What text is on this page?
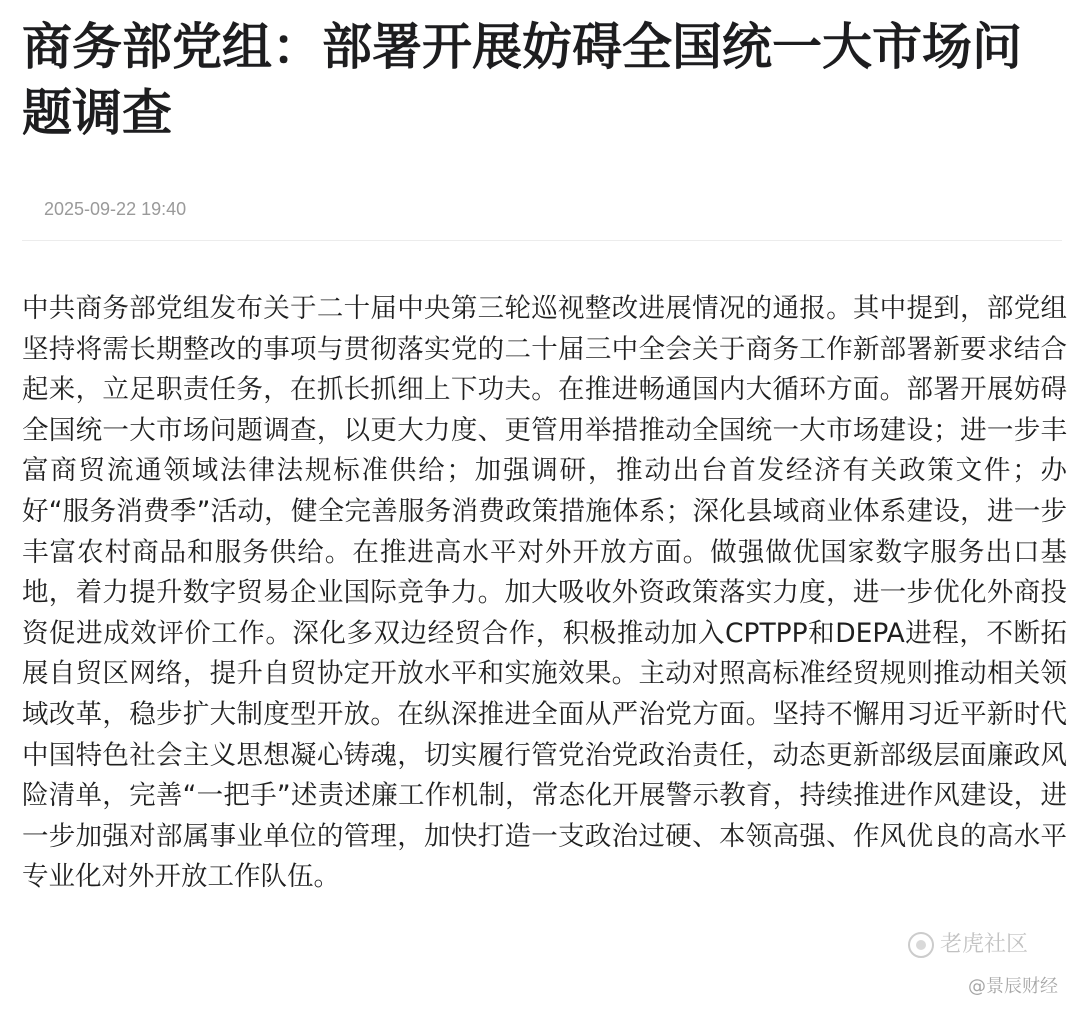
商务部党组：部署开展妨碍全国统一大市场问题调查
2025-09-22 19:40

中共商务部党组发布关于二十届中央第三轮巡视整改进展情况的通报。其中提到，部党组坚持将需长期整改的事项与贯彻落实党的二十届三中全会关于商务工作新部署新要求结合起来，立足职责任务，在抓长抓细上下功夫。在推进畅通国内大循环方面。部署开展妨碍全国统一大市场问题调查，以更大力度、更管用举措推动全国统一大市场建设；进一步丰富商贸流通领域法律法规标准供给；加强调研，推动出台首发经济有关政策文件；办好“服务消费季”活动，健全完善服务消费政策措施体系；深化县域商业体系建设，进一步丰富农村商品和服务供给。在推进高水平对外开放方面。做强做优国家数字服务出口基地，着力提升数字贸易企业国际竞争力。加大吸收外资政策落实力度，进一步优化外商投资促进成效评价工作。深化多双边经贸合作，积极推动加入CPTPP和DEPA进程，不断拓展自贸区网络，提升自贸协定开放水平和实施效果。主动对照高标准经贸规则推动相关领域改革，稳步扩大制度型开放。在纵深推进全面从严治党方面。坚持不懈用习近平新时代中国特色社会主义思想凝心铸魂，切实履行管党治党政治责任，动态更新部级层面廉政风险清单，完善“一把手”述责述廉工作机制，常态化开展警示教育，持续推进作风建设，进一步加强对部属事业单位的管理，加快打造一支政治过硬、本领高强、作风优良的高水平专业化对外开放工作队伍。

老虎社区
@景辰财经
